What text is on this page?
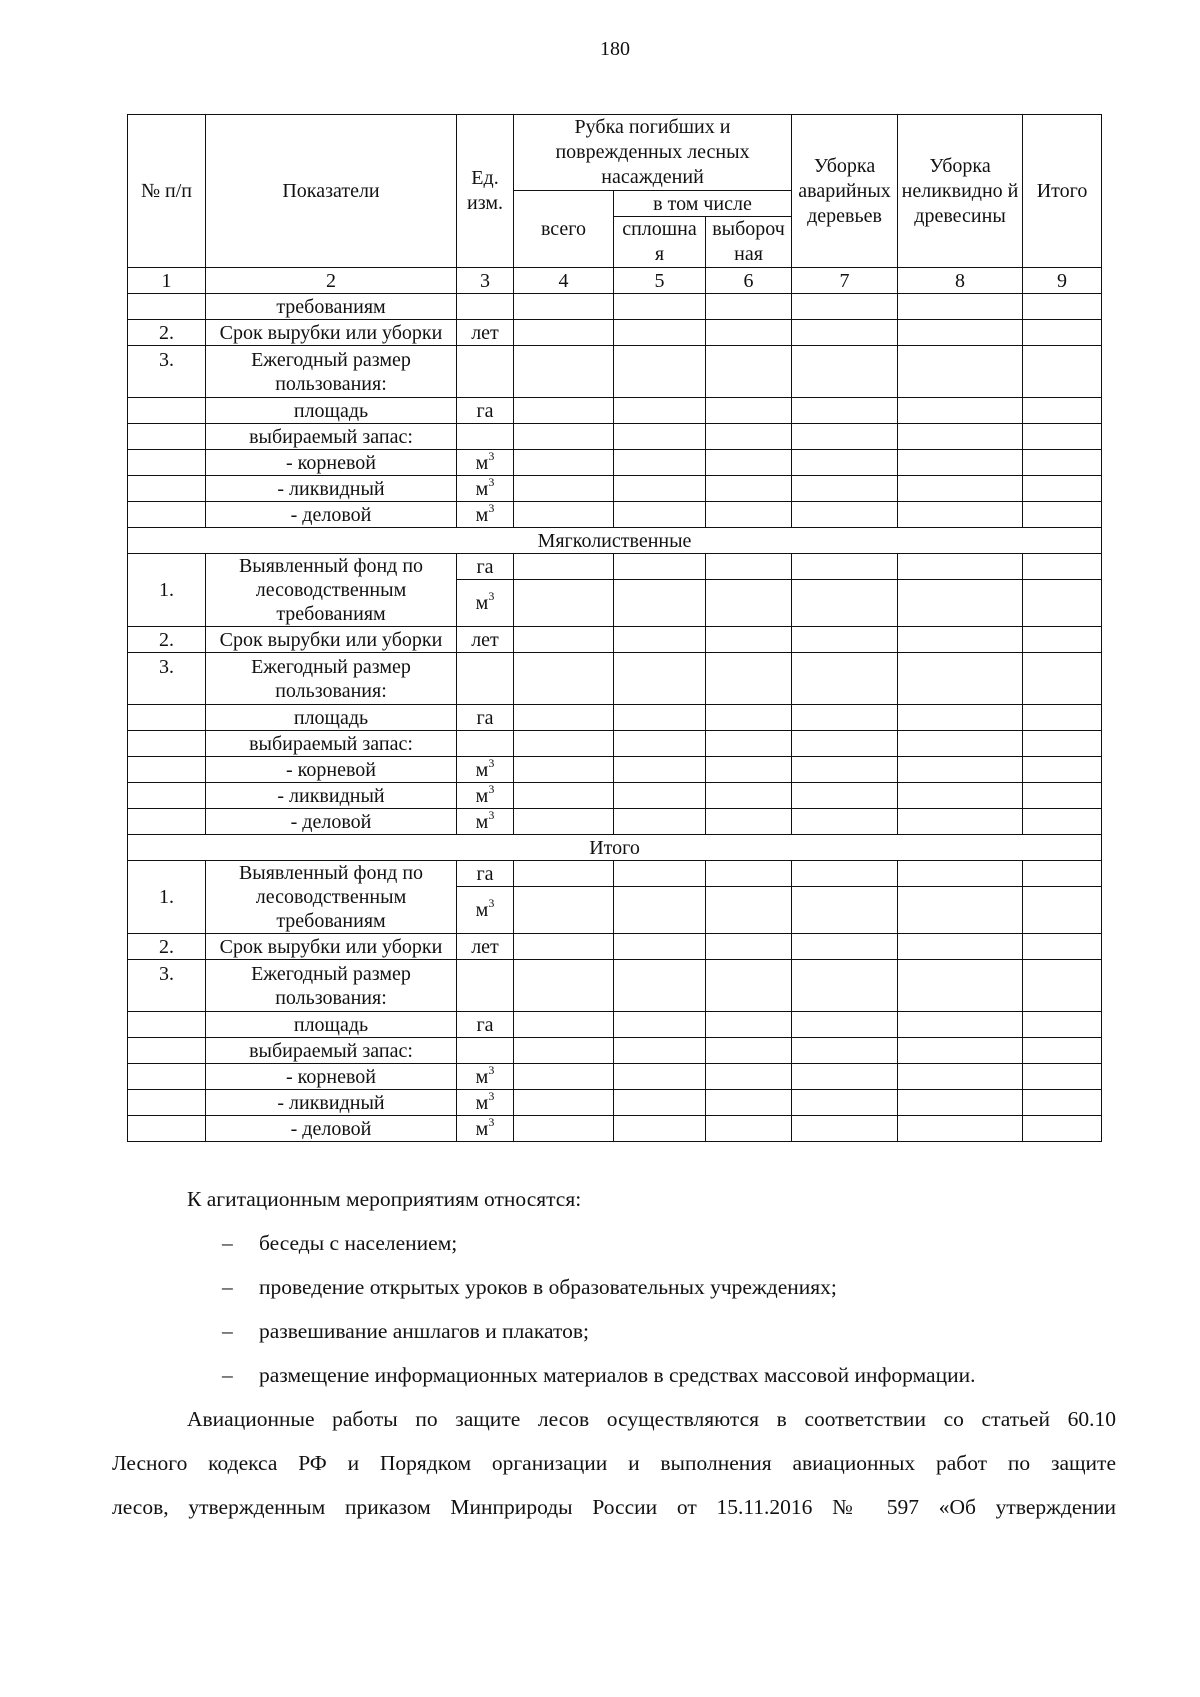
180
№ п/п	Показатели	Ед. изм.	Рубка погибших и поврежденных лесных насаждений			Уборка аварийных деревьев	Уборка неликвидно й древесины	Итого

			всего	в том числе				
				сплошна я	выбороч ная			

1	2	3	4	5	6	7	8	9
	требованиям							
2.	Срок вырубки или уборки	лет						
3.	Ежегодный размер пользования:							
	площадь	га						
	выбираемый запас:							
	- корневой	$м^3$						
	- ликвидный	$м^3$						
	- деловой	$м^3$						
Мягколиственные								
1.	Выявленный фонд по лесоводственным требованиям	га						
		$м^3$						

2.	Срок вырубки или уборки	лет						
3.	Ежегодный размер пользования:							
	площадь	га						
	выбираемый запас:							
	- корневой	$м^3$						
	- ликвидный	$м^3$						
	- деловой	$м^3$						
Итого								
1.	Выявленный фонд по лесоводственным требованиям	га						
		$м^3$						

2.	Срок вырубки или уборки	лет						
3.	Ежегодный размер пользования:							
	площадь	га						
	выбираемый запас:							
	- корневой	$м^3$						
	- ликвидный	$м^3$						
	- деловой	$м^3$						

К агитационным мероприятиям относятся:

– беседы с населением;

– проведение открытых уроков в образовательных учреждениях;

– развешивание аншлагов и плакатов;

– размещение информационных материалов в средствах массовой информации.

Авиационные работы по защите лесов осуществляются в соответствии со статьей 60.10

Лесного кодекса РФ и Порядком организации и выполнения авиационных работ по защите

лесов, утвержденным приказом Минприроды России от 15.11.2016 № 597 «Об утверждении
